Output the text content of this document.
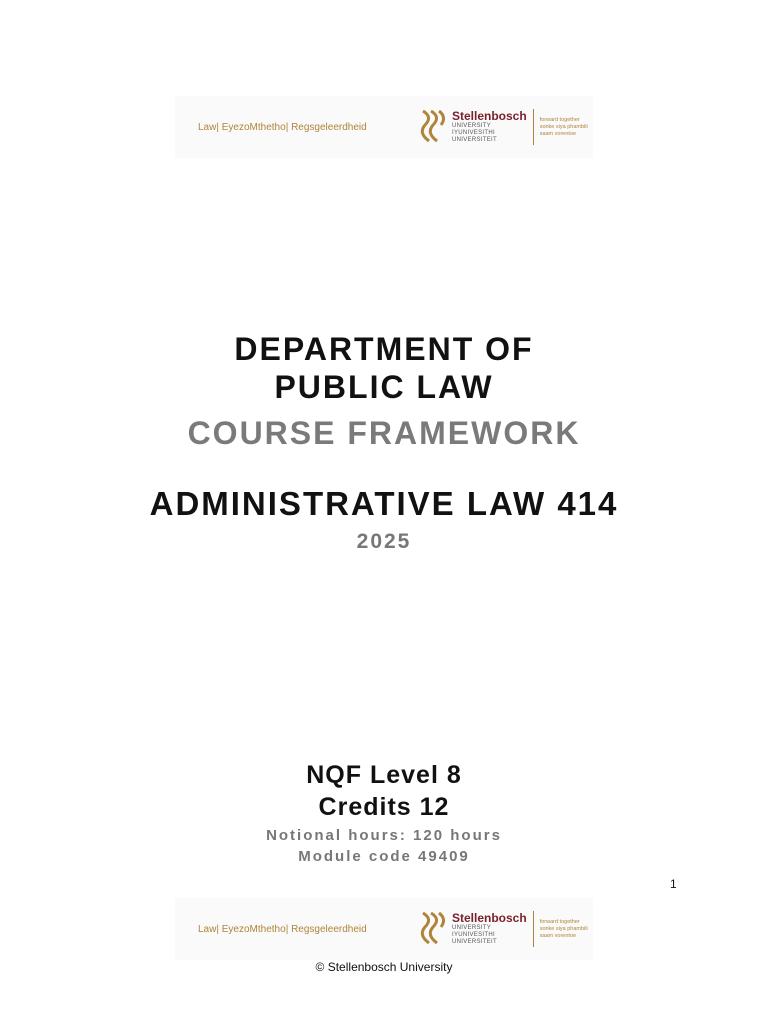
Law| EyezoMthetho| Regsgeleerdheid
Stellenbosch
UNIVERSITY
IYUNIVESITHI
UNIVERSITEIT
forward together
sonke siya phambili
saam vorentoe
DEPARTMENT OF
PUBLIC LAW
COURSE FRAMEWORK
ADMINISTRATIVE LAW 414
2025
NQF Level 8
Credits 12
Notional hours: 120 hours
Module code 49409
1
Law| EyezoMthetho| Regsgeleerdheid
Stellenbosch
UNIVERSITY
IYUNIVESITHI
UNIVERSITEIT
forward together
sonke siya phambili
saam vorentoe
© Stellenbosch University
